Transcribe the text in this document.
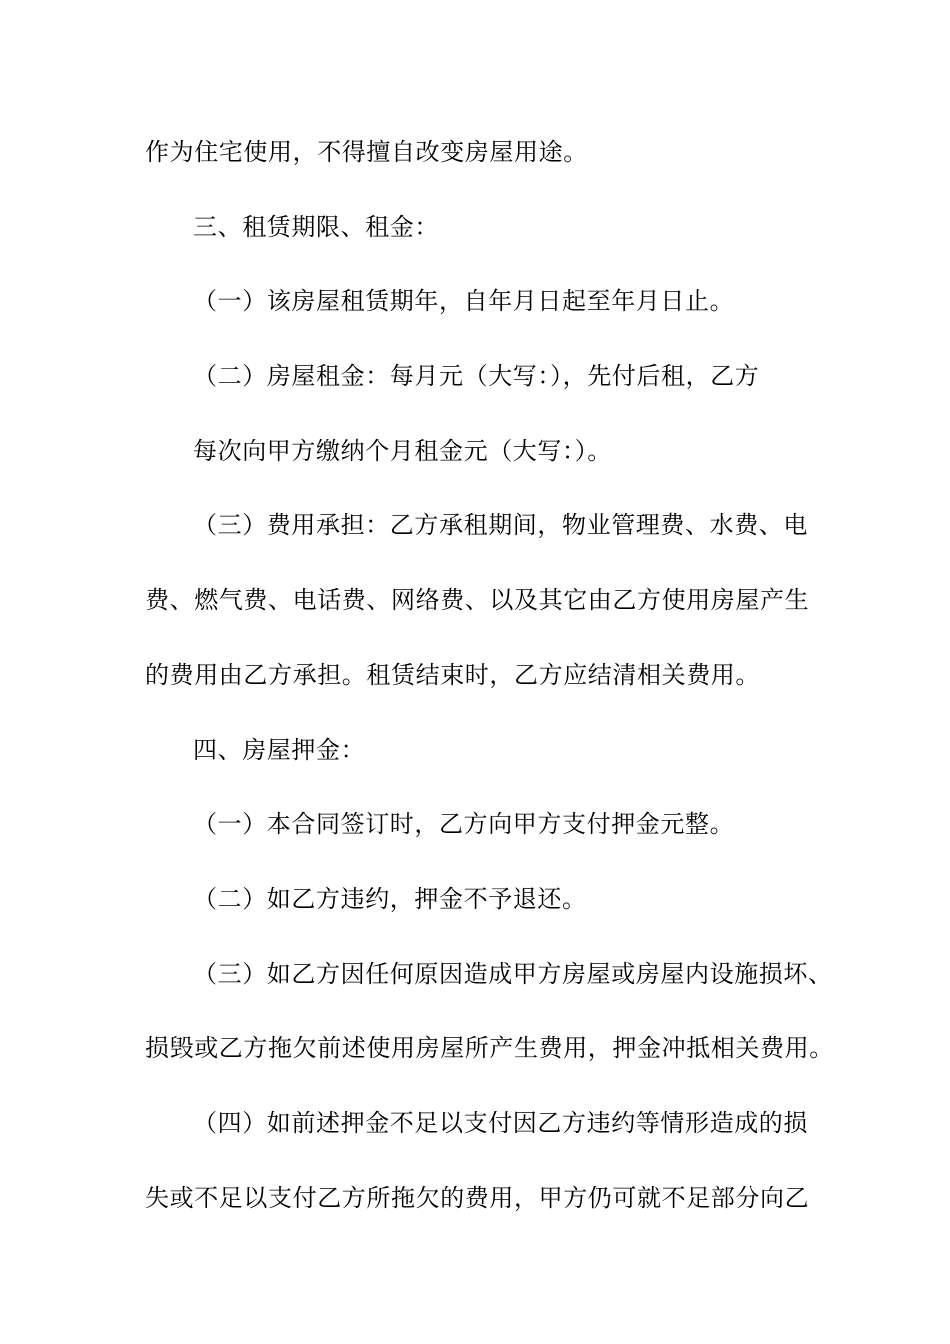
作为住宅使用，不得擅自改变房屋用途。
三、租赁期限、租金：
（一）该房屋租赁期年，自年月日起至年月日止。
（二）房屋租金：每月元（大写：），先付后租，乙方
每次向甲方缴纳个月租金元（大写：）。
（三）费用承担：乙方承租期间，物业管理费、水费、电
费、燃气费、电话费、网络费、以及其它由乙方使用房屋产生
的费用由乙方承担。租赁结束时，乙方应结清相关费用。
四、房屋押金：
（一）本合同签订时，乙方向甲方支付押金元整。
（二）如乙方违约，押金不予退还。
（三）如乙方因任何原因造成甲方房屋或房屋内设施损坏、
损毁或乙方拖欠前述使用房屋所产生费用，押金冲抵相关费用。
（四）如前述押金不足以支付因乙方违约等情形造成的损
失或不足以支付乙方所拖欠的费用，甲方仍可就不足部分向乙
